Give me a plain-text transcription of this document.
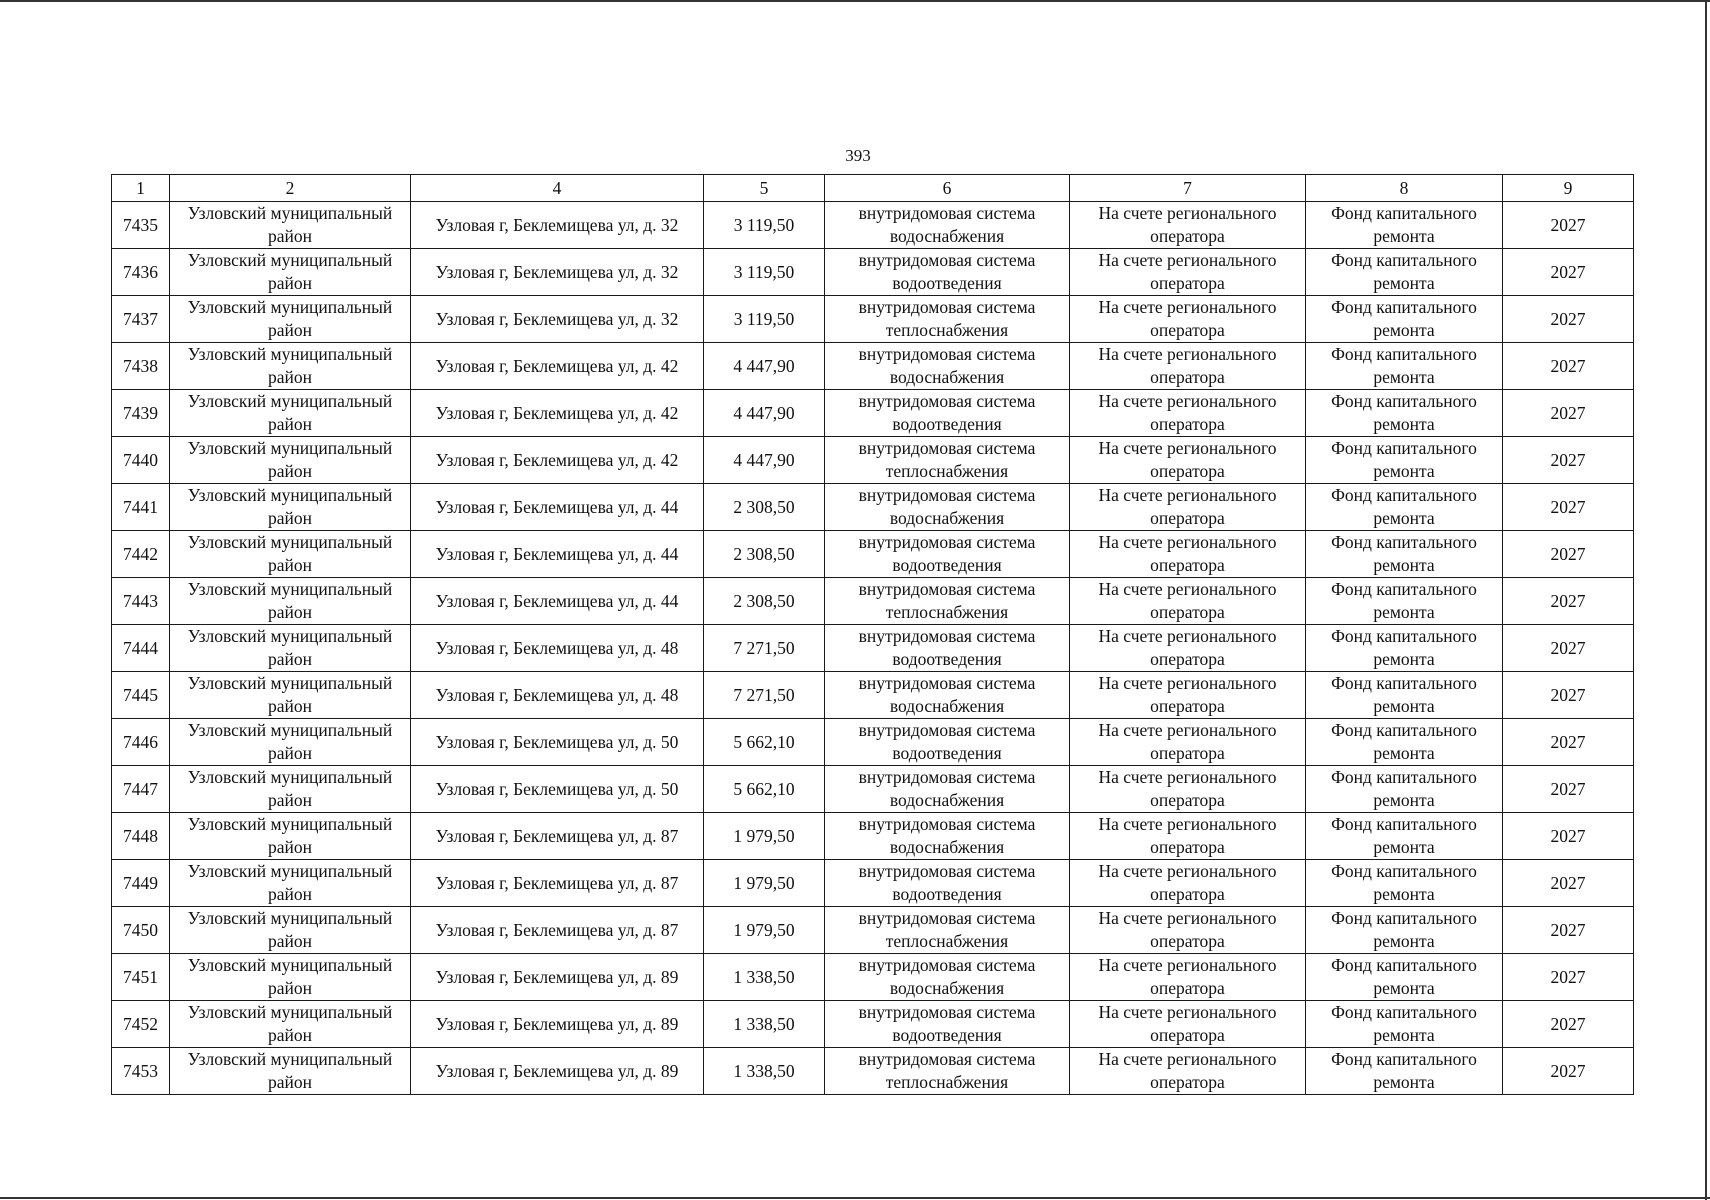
393
1	2	4	5	6	7	8	9
7435	Узловский муниципальный район	Узловая г, Беклемищева ул, д. 32	3 119,50	внутридомовая система водоснабжения	На счете регионального оператора	Фонд капитального ремонта	2027
7436	Узловский муниципальный район	Узловая г, Беклемищева ул, д. 32	3 119,50	внутридомовая система водоотведения	На счете регионального оператора	Фонд капитального ремонта	2027
7437	Узловский муниципальный район	Узловая г, Беклемищева ул, д. 32	3 119,50	внутридомовая система теплоснабжения	На счете регионального оператора	Фонд капитального ремонта	2027
7438	Узловский муниципальный район	Узловая г, Беклемищева ул, д. 42	4 447,90	внутридомовая система водоснабжения	На счете регионального оператора	Фонд капитального ремонта	2027
7439	Узловский муниципальный район	Узловая г, Беклемищева ул, д. 42	4 447,90	внутридомовая система водоотведения	На счете регионального оператора	Фонд капитального ремонта	2027
7440	Узловский муниципальный район	Узловая г, Беклемищева ул, д. 42	4 447,90	внутридомовая система теплоснабжения	На счете регионального оператора	Фонд капитального ремонта	2027
7441	Узловский муниципальный район	Узловая г, Беклемищева ул, д. 44	2 308,50	внутридомовая система водоснабжения	На счете регионального оператора	Фонд капитального ремонта	2027
7442	Узловский муниципальный район	Узловая г, Беклемищева ул, д. 44	2 308,50	внутридомовая система водоотведения	На счете регионального оператора	Фонд капитального ремонта	2027
7443	Узловский муниципальный район	Узловая г, Беклемищева ул, д. 44	2 308,50	внутридомовая система теплоснабжения	На счете регионального оператора	Фонд капитального ремонта	2027
7444	Узловский муниципальный район	Узловая г, Беклемищева ул, д. 48	7 271,50	внутридомовая система водоотведения	На счете регионального оператора	Фонд капитального ремонта	2027
7445	Узловский муниципальный район	Узловая г, Беклемищева ул, д. 48	7 271,50	внутридомовая система водоснабжения	На счете регионального оператора	Фонд капитального ремонта	2027
7446	Узловский муниципальный район	Узловая г, Беклемищева ул, д. 50	5 662,10	внутридомовая система водоотведения	На счете регионального оператора	Фонд капитального ремонта	2027
7447	Узловский муниципальный район	Узловая г, Беклемищева ул, д. 50	5 662,10	внутридомовая система водоснабжения	На счете регионального оператора	Фонд капитального ремонта	2027
7448	Узловский муниципальный район	Узловая г, Беклемищева ул, д. 87	1 979,50	внутридомовая система водоснабжения	На счете регионального оператора	Фонд капитального ремонта	2027
7449	Узловский муниципальный район	Узловая г, Беклемищева ул, д. 87	1 979,50	внутридомовая система водоотведения	На счете регионального оператора	Фонд капитального ремонта	2027
7450	Узловский муниципальный район	Узловая г, Беклемищева ул, д. 87	1 979,50	внутридомовая система теплоснабжения	На счете регионального оператора	Фонд капитального ремонта	2027
7451	Узловский муниципальный район	Узловая г, Беклемищева ул, д. 89	1 338,50	внутридомовая система водоснабжения	На счете регионального оператора	Фонд капитального ремонта	2027
7452	Узловский муниципальный район	Узловая г, Беклемищева ул, д. 89	1 338,50	внутридомовая система водоотведения	На счете регионального оператора	Фонд капитального ремонта	2027
7453	Узловский муниципальный район	Узловая г, Беклемищева ул, д. 89	1 338,50	внутридомовая система теплоснабжения	На счете регионального оператора	Фонд капитального ремонта	2027
